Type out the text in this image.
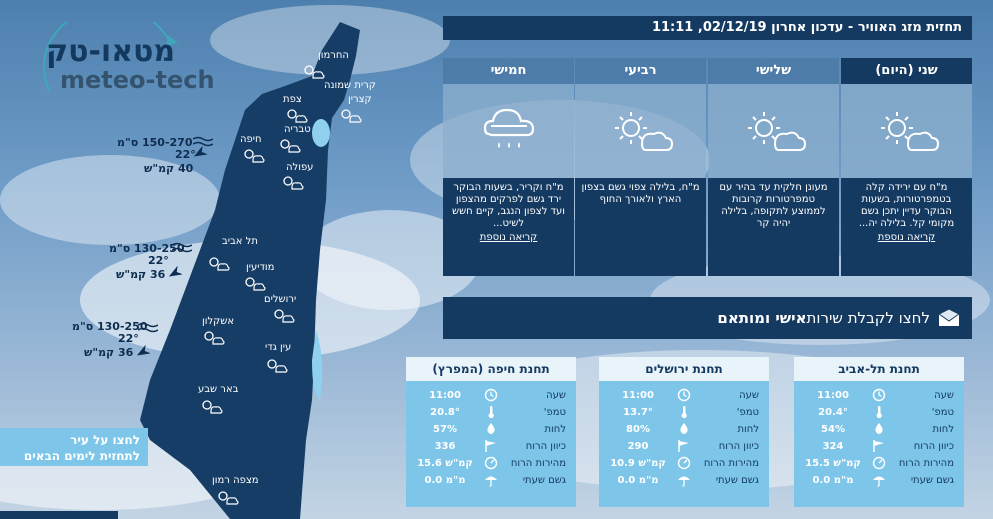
מטאו-טק
meteo-tech
החרמון
קרית שמונה
צפת	קצרין
טבריה
חיפה
עפולה
תל אביב
מודיעין
ירושלים
אשקלון
עין גדי
באר שבע
מצפה רמון
150-270 ס"מ
22°
40 קמ"ש
130-250 ס"מ
22°
36 קמ"ש
130-250 ס"מ
22°
36 קמ"ש
לחצו על עיר
לתחזית לימים הבאים
תחזית מזג האוויר - עדכון אחרון 02/12/19, 11:11
שני (היום)
מ"ח עם ירידה קלה בטמפרטורות, בשעות הבוקר עדיין יתכן גשם מקומי קל. בלילה יה...
קריאה נוספת
שלישי
מעונן חלקית עד בהיר עם טמפרטורות קרובות לממוצע לתקופה, בלילה יהיה קר
רביעי
מ"ח, בלילה צפוי גשם בצפון הארץ ולאורך החוף
חמישי
מ"ח וקריר, בשעות הבוקר ירד גשם לפרקים מהצפון ועד לצפון הנגב, קיים חשש לשיט...
קריאה נוספת
לחצו לקבלת שירות
אישי ומותאם
תחנת תל-אביב
שעה
טמפ'
לחות
כיוון הרוח
מהירות הרוח
גשם שעתי
11:00
20.4°
54%
324
15.5 קמ"ש
0.0 מ"מ
תחנת ירושלים
שעה
טמפ'
לחות
כיוון הרוח
מהירות הרוח
גשם שעתי
11:00
13.7°
80%
290
10.9 קמ"ש
0.0 מ"מ
תחנת חיפה (המפרץ)
שעה
טמפ'
לחות
כיוון הרוח
מהירות הרוח
גשם שעתי
11:00
20.8°
57%
336
15.6 קמ"ש
0.0 מ"מ
